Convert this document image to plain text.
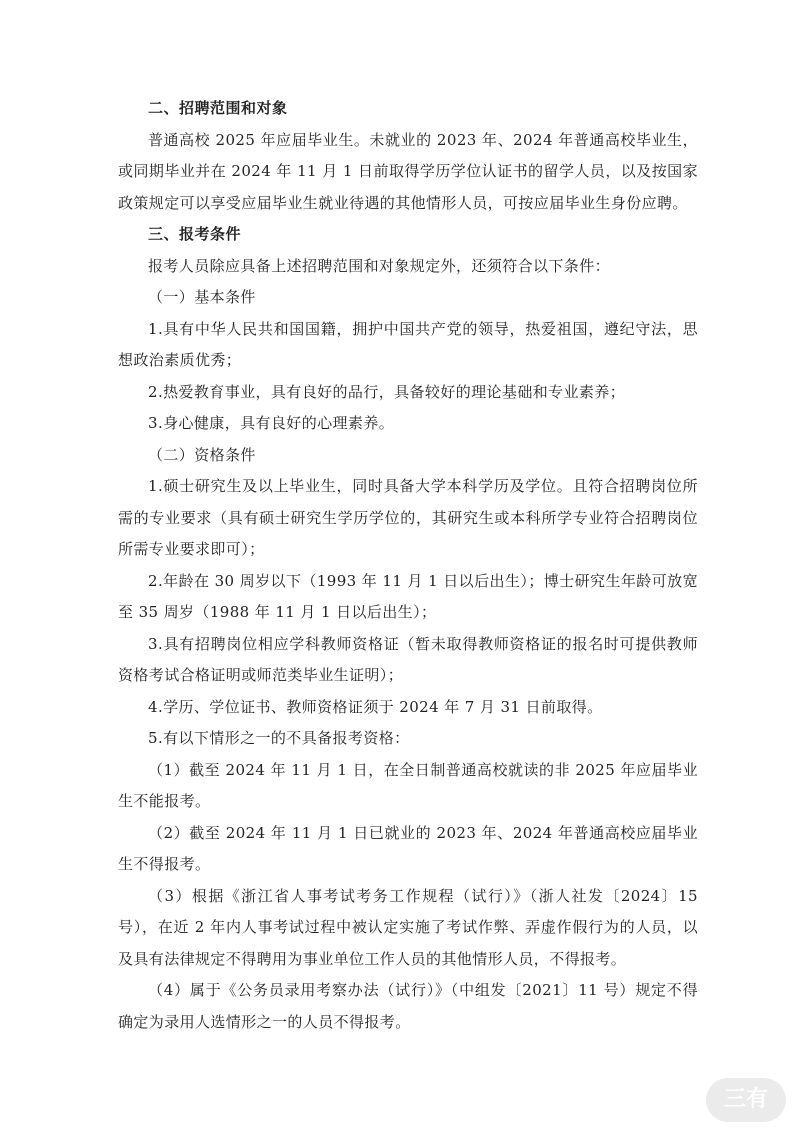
二、招聘范围和对象

普通高校 2025 年应届毕业生。未就业的 2023 年、2024 年普通高校毕业生，或同期毕业并在 2024 年 11 月 1 日前取得学历学位认证书的留学人员，以及按国家政策规定可以享受应届毕业生就业待遇的其他情形人员，可按应届毕业生身份应聘。

三、报考条件

报考人员除应具备上述招聘范围和对象规定外，还须符合以下条件：

（一）基本条件

1.具有中华人民共和国国籍，拥护中国共产党的领导，热爱祖国，遵纪守法，思想政治素质优秀；

2.热爱教育事业，具有良好的品行，具备较好的理论基础和专业素养；

3.身心健康，具有良好的心理素养。

（二）资格条件

1.硕士研究生及以上毕业生，同时具备大学本科学历及学位。且符合招聘岗位所需的专业要求（具有硕士研究生学历学位的，其研究生或本科所学专业符合招聘岗位所需专业要求即可）；

2.年龄在 30 周岁以下（1993 年 11 月 1 日以后出生）；博士研究生年龄可放宽至 35 周岁（1988 年 11 月 1 日以后出生）；

3.具有招聘岗位相应学科教师资格证（暂未取得教师资格证的报名时可提供教师资格考试合格证明或师范类毕业生证明）；

4.学历、学位证书、教师资格证须于 2024 年 7 月 31 日前取得。

5.有以下情形之一的不具备报考资格：

（1）截至 2024 年 11 月 1 日，在全日制普通高校就读的非 2025 年应届毕业生不能报考。

（2）截至 2024 年 11 月 1 日已就业的 2023 年、2024 年普通高校应届毕业生不得报考。

（3）根据《浙江省人事考试考务工作规程（试行）》（浙人社发〔2024〕15 号），在近 2 年内人事考试过程中被认定实施了考试作弊、弄虚作假行为的人员，以及具有法律规定不得聘用为事业单位工作人员的其他情形人员，不得报考。

（4）属于《公务员录用考察办法（试行）》（中组发〔2021〕11 号）规定不得确定为录用人选情形之一的人员不得报考。

三有
